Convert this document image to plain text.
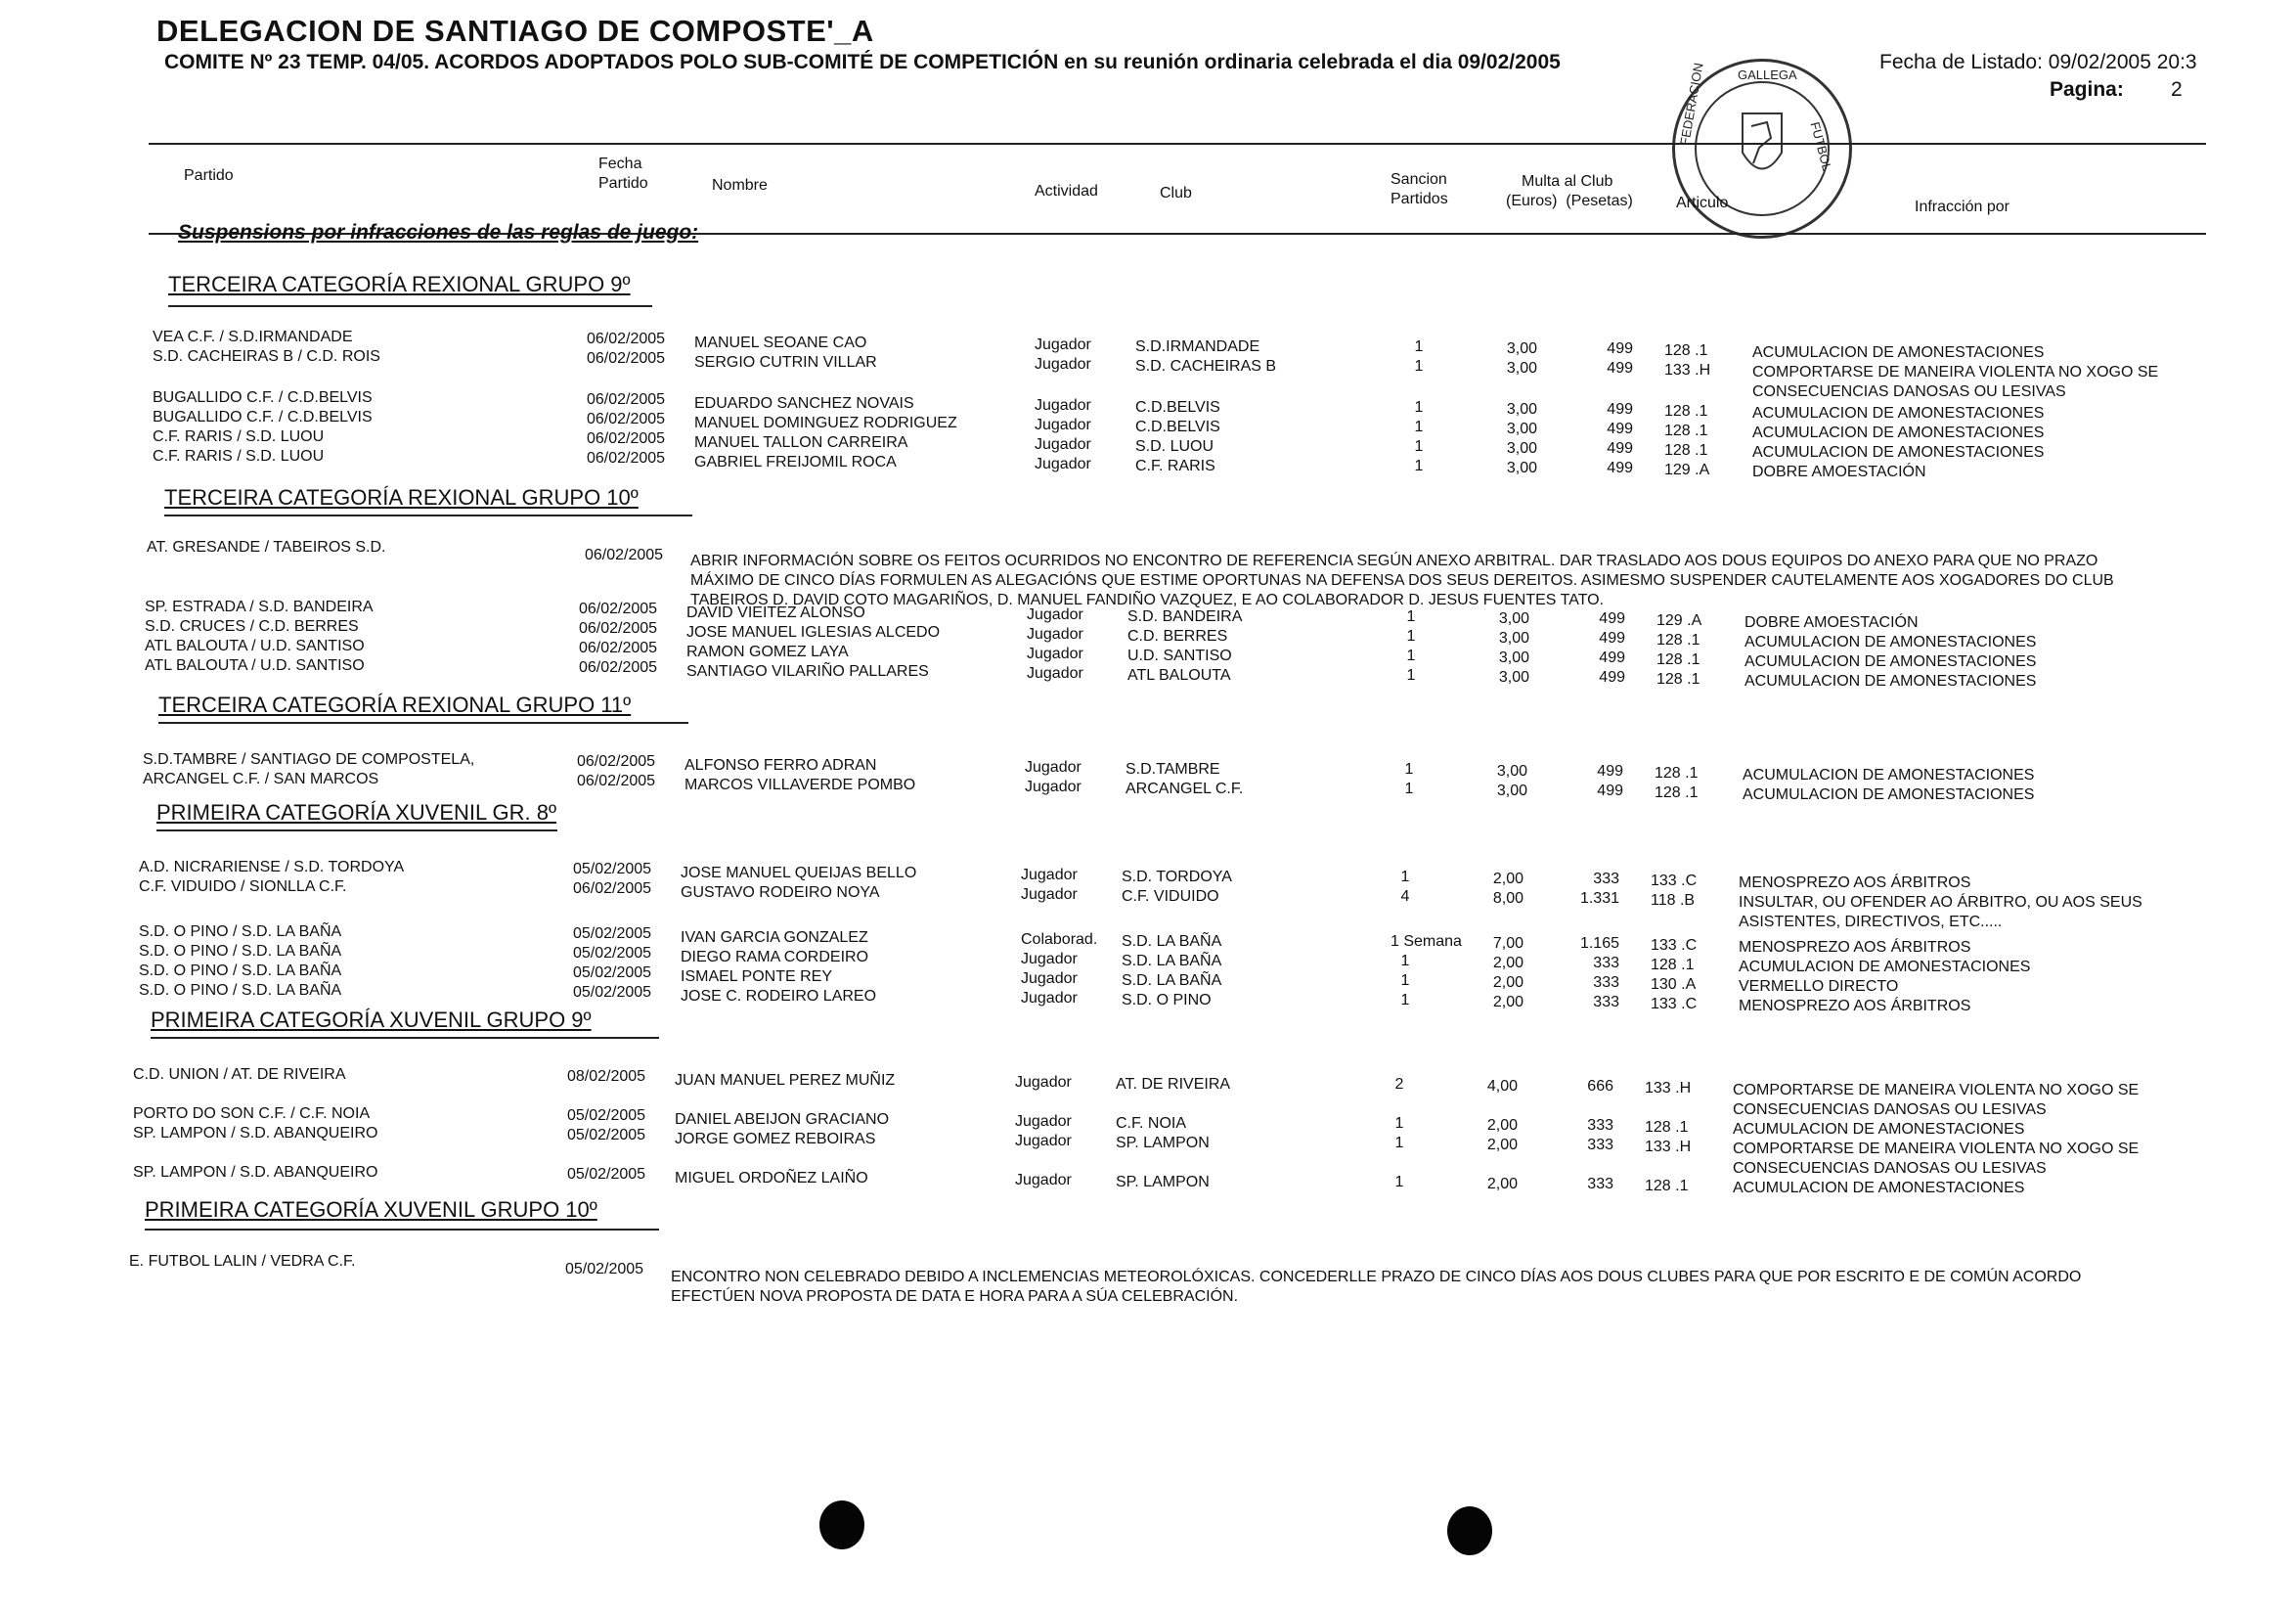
DELEGACION DE SANTIAGO DE COMPOSTE'_A
COMITE Nº 23 TEMP. 04/05. ACORDOS ADOPTADOS POLO SUB-COMITÉ DE COMPETICIÓN en su reunión ordinaria celebrada el dia 09/02/2005	Fecha de Listado: 09/02/2005 20:3
Pagina: 2
GALLEGA
FEDERACION
FUTBOL
Partido
Fecha
Partido	Nombre	Actividad	Club
Sancion
Partidos
Multa al Club
(Euros)  (Pesetas)	Articulo	Infracción por
Suspensions por infracciones de las reglas de juego:
TERCEIRA CATEGORÍA REXIONAL GRUPO 9º
VEA C.F. / S.D.IRMANDADE	06/02/2005 MANUEL SEOANE CAO	Jugador	S.D.IRMANDADE	1	3,00	499 128 .1	ACUMULACION DE AMONESTACIONES
S.D. CACHEIRAS B / C.D. ROIS	06/02/2005 SERGIO CUTRIN VILLAR	Jugador	S.D. CACHEIRAS B	1	3,00	499 133 .H	COMPORTARSE DE MANEIRA VIOLENTA NO XOGO SE
CONSECUENCIAS DANOSAS OU LESIVAS
BUGALLIDO C.F. / C.D.BELVIS	06/02/2005 EDUARDO SANCHEZ NOVAIS	Jugador	C.D.BELVIS	1	3,00	499 128 .1	ACUMULACION DE AMONESTACIONES
BUGALLIDO C.F. / C.D.BELVIS	06/02/2005 MANUEL DOMINGUEZ RODRIGUEZ	Jugador	C.D.BELVIS	1	3,00	499 128 .1	ACUMULACION DE AMONESTACIONES
C.F. RARIS / S.D. LUOU	06/02/2005 MANUEL TALLON CARREIRA	Jugador	S.D. LUOU	1	3,00	499 128 .1	ACUMULACION DE AMONESTACIONES
C.F. RARIS / S.D. LUOU	06/02/2005 GABRIEL FREIJOMIL ROCA	Jugador	C.F. RARIS	1	3,00	499 129 .A	DOBRE AMOESTACIÓN
TERCEIRA CATEGORÍA REXIONAL GRUPO 10º
AT. GRESANDE / TABEIROS S.D.	06/02/2005 ABRIR INFORMACIÓN SOBRE OS FEITOS OCURRIDOS NO ENCONTRO DE REFERENCIA SEGÚN ANEXO ARBITRAL. DAR TRASLADO AOS DOUS EQUIPOS DO ANEXO PARA QUE NO PRAZO
MÁXIMO DE CINCO DÍAS FORMULEN AS ALEGACIÓNS QUE ESTIME OPORTUNAS NA DEFENSA DOS SEUS DEREITOS. ASIMESMO SUSPENDER CAUTELAMENTE AOS XOGADORES DO CLUB
TABEIROS D. DAVID COTO MAGARIÑOS, D. MANUEL FANDIÑO VAZQUEZ, E AO COLABORADOR D. JESUS FUENTES TATO.
SP. ESTRADA / S.D. BANDEIRA	06/02/2005 DAVID VIEITEZ ALONSO	Jugador	S.D. BANDEIRA	1	3,00	499 129 .A	DOBRE AMOESTACIÓN
S.D. CRUCES / C.D. BERRES	06/02/2005 JOSE MANUEL IGLESIAS ALCEDO	Jugador	C.D. BERRES	1	3,00	499 128 .1	ACUMULACION DE AMONESTACIONES
ATL BALOUTA / U.D. SANTISO	06/02/2005 RAMON GOMEZ LAYA	Jugador	U.D. SANTISO	1	3,00	499 128 .1	ACUMULACION DE AMONESTACIONES
ATL BALOUTA / U.D. SANTISO	06/02/2005 SANTIAGO VILARIÑO PALLARES	Jugador	ATL BALOUTA	1	3,00	499 128 .1	ACUMULACION DE AMONESTACIONES
TERCEIRA CATEGORÍA REXIONAL GRUPO 11º
S.D.TAMBRE / SANTIAGO DE COMPOSTELA,	06/02/2005 ALFONSO FERRO ADRAN	Jugador	S.D.TAMBRE	1	3,00	499 128 .1	ACUMULACION DE AMONESTACIONES
ARCANGEL C.F. / SAN MARCOS	06/02/2005 MARCOS VILLAVERDE POMBO	Jugador	ARCANGEL C.F.	1	3,00	499 128 .1	ACUMULACION DE AMONESTACIONES
PRIMEIRA CATEGORÍA XUVENIL GR. 8º
A.D. NICRARIENSE / S.D. TORDOYA	05/02/2005 JOSE MANUEL QUEIJAS BELLO	Jugador	S.D. TORDOYA	1	2,00	333 133 .C	MENOSPREZO AOS ÁRBITROS
C.F. VIDUIDO / SIONLLA C.F.	06/02/2005 GUSTAVO RODEIRO NOYA	Jugador	C.F. VIDUIDO	4	8,00	1.331 118 .B	INSULTAR, OU OFENDER AO ÁRBITRO, OU AOS SEUS
ASISTENTES, DIRECTIVOS, ETC.....
S.D. O PINO / S.D. LA BAÑA	05/02/2005 IVAN GARCIA GONZALEZ	Colaborad. S.D. LA BAÑA	1 Semana	7,00	1.165 133 .C	MENOSPREZO AOS ÁRBITROS
S.D. O PINO / S.D. LA BAÑA	05/02/2005 DIEGO RAMA CORDEIRO	Jugador	S.D. LA BAÑA	1	2,00	333 128 .1	ACUMULACION DE AMONESTACIONES
S.D. O PINO / S.D. LA BAÑA	05/02/2005 ISMAEL PONTE REY	Jugador	S.D. LA BAÑA	1	2,00	333 130 .A	VERMELLO DIRECTO
S.D. O PINO / S.D. LA BAÑA	05/02/2005 JOSE C. RODEIRO LAREO	Jugador	S.D. O PINO	1	2,00	333 133 .C	MENOSPREZO AOS ÁRBITROS
PRIMEIRA CATEGORÍA XUVENIL GRUPO 9º
C.D. UNION / AT. DE RIVEIRA	08/02/2005 JUAN MANUEL PEREZ MUÑIZ	Jugador	AT. DE RIVEIRA	2	4,00	666 133 .H	COMPORTARSE DE MANEIRA VIOLENTA NO XOGO SE
CONSECUENCIAS DANOSAS OU LESIVAS
PORTO DO SON C.F. / C.F. NOIA	05/02/2005 DANIEL ABEIJON GRACIANO	Jugador	C.F. NOIA	1	2,00	333 128 .1	ACUMULACION DE AMONESTACIONES
SP. LAMPON / S.D. ABANQUEIRO	05/02/2005 JORGE GOMEZ REBOIRAS	Jugador	SP. LAMPON	1	2,00	333 133 .H	COMPORTARSE DE MANEIRA VIOLENTA NO XOGO SE
CONSECUENCIAS DANOSAS OU LESIVAS
SP. LAMPON / S.D. ABANQUEIRO	05/02/2005 MIGUEL ORDOÑEZ LAIÑO	Jugador	SP. LAMPON	1	2,00	333 128 .1	ACUMULACION DE AMONESTACIONES
PRIMEIRA CATEGORÍA XUVENIL GRUPO 10º
E. FUTBOL LALIN / VEDRA C.F.	05/02/2005 ENCONTRO NON CELEBRADO DEBIDO A INCLEMENCIAS METEOROLÓXICAS. CONCEDERLLE PRAZO DE CINCO DÍAS AOS DOUS CLUBES PARA QUE POR ESCRITO E DE COMÚN ACORDO
EFECTÚEN NOVA PROPOSTA DE DATA E HORA PARA A SÚA CELEBRACIÓN.
